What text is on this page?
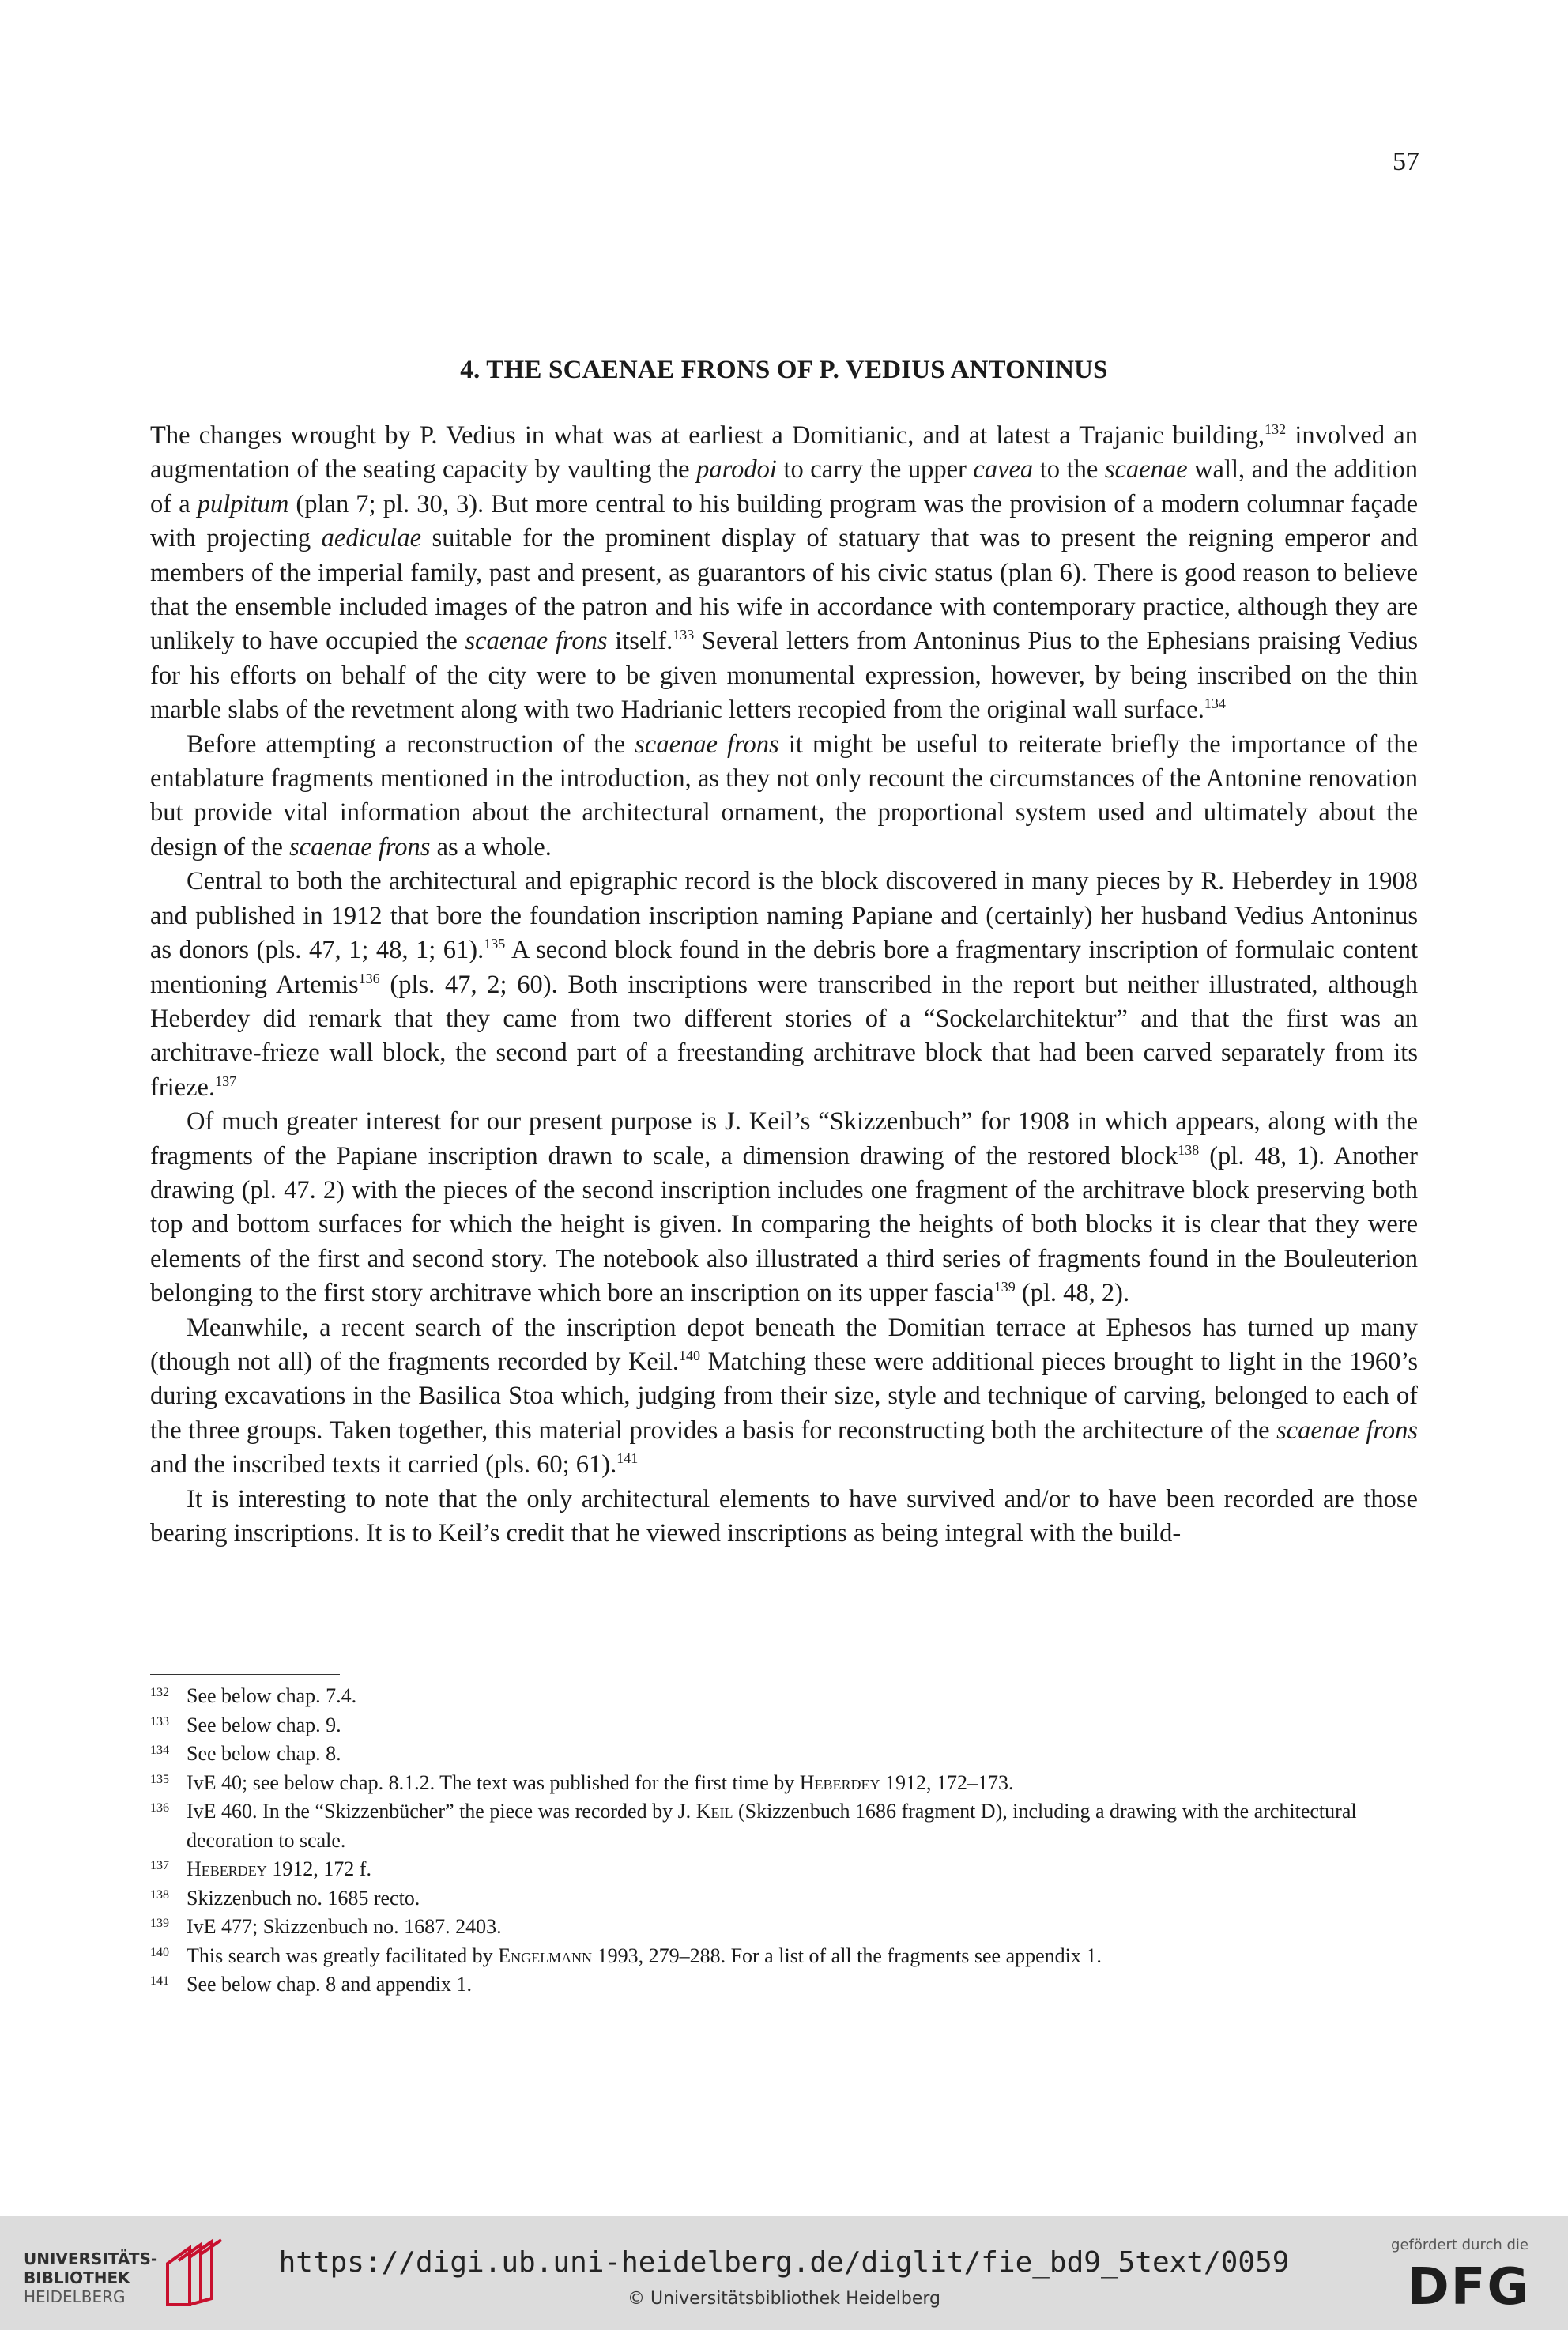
57
4. THE SCAENAE FRONS OF P. VEDIUS ANTONINUS

The changes wrought by P. Vedius in what was at earliest a Domitianic, and at latest a Trajanic building,$^{132}$ involved an augmentation of the seating capacity by vaulting the parodoi to carry the upper cavea to the scaenae wall, and the addition of a pulpitum (plan 7; pl. 30, 3). But more central to his building program was the provision of a modern columnar façade with projecting aediculae suitable for the prominent display of statuary that was to present the reigning emperor and members of the imperial family, past and present, as guarantors of his civic status (plan 6). There is good reason to believe that the ensemble included images of the patron and his wife in accordance with contemporary practice, although they are unlikely to have occupied the scaenae frons itself.$^{133}$ Several letters from Antoninus Pius to the Ephesians praising Vedius for his efforts on behalf of the city were to be given monumental expression, however, by being inscribed on the thin marble slabs of the revetment along with two Hadrianic letters recopied from the original wall surface.$^{134}$

Before attempting a reconstruction of the scaenae frons it might be useful to reiterate briefly the importance of the entablature fragments mentioned in the introduction, as they not only recount the circumstances of the Antonine renovation but provide vital information about the architectural ornament, the proportional system used and ultimately about the design of the scaenae frons as a whole.

Central to both the architectural and epigraphic record is the block discovered in many pieces by R. Heberdey in 1908 and published in 1912 that bore the foundation inscription naming Papiane and (certainly) her husband Vedius Antoninus as donors (pls. 47, 1; 48, 1; 61).$^{135}$ A second block found in the debris bore a fragmentary inscription of formulaic content mentioning Artemis$^{136}$ (pls. 47, 2; 60). Both inscriptions were transcribed in the report but neither illustrated, although Heberdey did remark that they came from two different stories of a “Sockelarchitektur” and that the first was an architrave-frieze wall block, the second part of a freestanding architrave block that had been carved separately from its frieze.$^{137}$

Of much greater interest for our present purpose is J. Keil’s “Skizzenbuch” for 1908 in which appears, along with the fragments of the Papiane inscription drawn to scale, a dimension drawing of the restored block$^{138}$ (pl. 48, 1). Another drawing (pl. 47. 2) with the pieces of the second inscription includes one fragment of the architrave block preserving both top and bottom surfaces for which the height is given. In comparing the heights of both blocks it is clear that they were elements of the first and second story. The notebook also illustrated a third series of fragments found in the Bouleuterion belonging to the first story architrave which bore an inscription on its upper fascia$^{139}$ (pl. 48, 2).

Meanwhile, a recent search of the inscription depot beneath the Domitian terrace at Ephesos has turned up many (though not all) of the fragments recorded by Keil.$^{140}$ Matching these were additional pieces brought to light in the 1960’s during excavations in the Basilica Stoa which, judging from their size, style and technique of carving, belonged to each of the three groups. Taken together, this material provides a basis for reconstructing both the architecture of the scaenae frons and the inscribed texts it carried (pls. 60; 61).$^{141}$

It is interesting to note that the only architectural elements to have survived and/or to have been recorded are those bearing inscriptions. It is to Keil’s credit that he viewed inscriptions as being integral with the build-

132 See below chap. 7.4.
133 See below chap. 9.
134 See below chap. 8.
135 IvE 40; see below chap. 8.1.2. The text was published for the first time by Heberdey 1912, 172–173.
136 IvE 460. In the “Skizzenbücher” the piece was recorded by J. Keil (Skizzenbuch 1686 fragment D), including a drawing with the architectural decoration to scale.
137 Heberdey 1912, 172 f.
138 Skizzenbuch no. 1685 recto.
139 IvE 477; Skizzenbuch no. 1687. 2403.
140 This search was greatly facilitated by Engelmann 1993, 279–288. For a list of all the fragments see appendix 1.
141 See below chap. 8 and appendix 1.
UNIVERSITÄTS-
BIBLIOTHEK
HEIDELBERG
https://digi.ub.uni-heidelberg.de/diglit/fie_bd9_5text/0059
© Universitätsbibliothek Heidelberg
gefördert durch die
DFG
